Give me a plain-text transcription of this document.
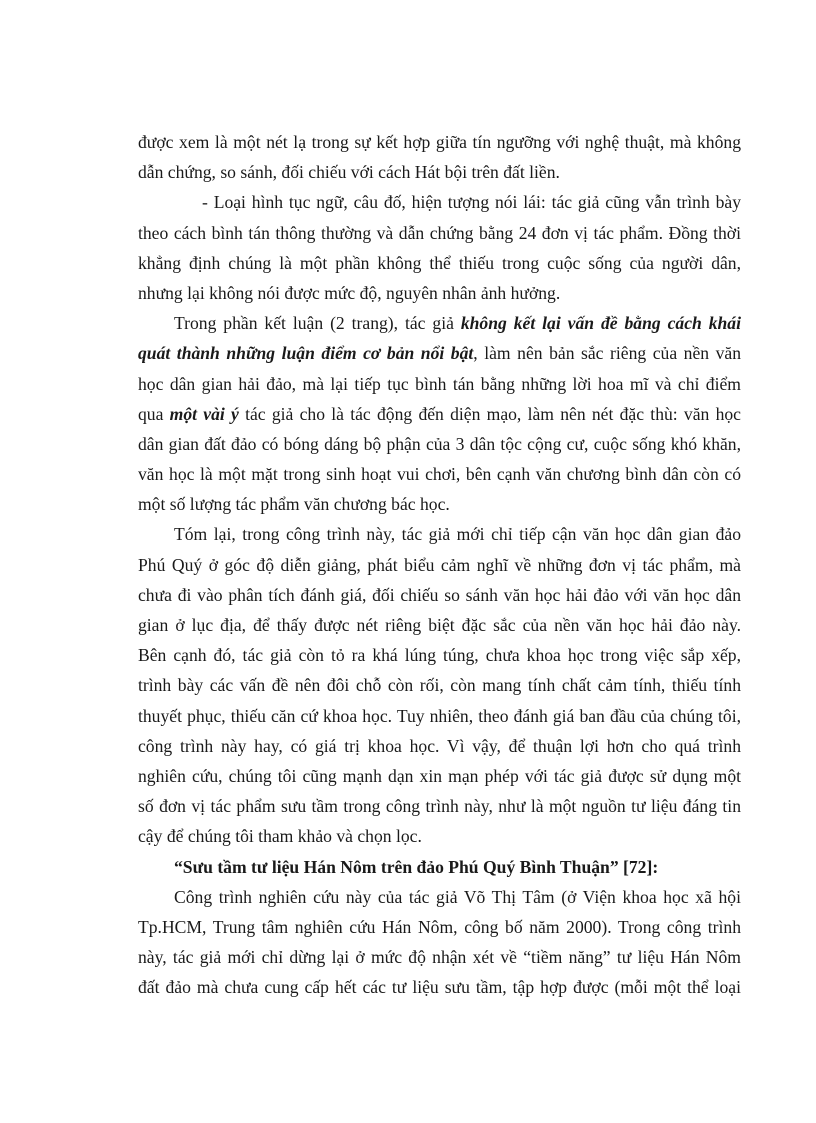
được xem là một nét lạ trong sự kết hợp giữa tín ngưỡng với nghệ thuật, mà không
dẫn chứng, so sánh, đối chiếu với cách Hát bội trên đất liền.
- Loại hình tục ngữ, câu đố, hiện tượng nói lái: tác giả cũng vẫn trình bày
theo cách bình tán thông thường và dẫn chứng bằng 24 đơn vị tác phẩm. Đồng thời
khẳng định chúng là một phần không thể thiếu trong cuộc sống của người dân,
nhưng lại không nói được mức độ, nguyên nhân ảnh hưởng.
Trong phần kết luận (2 trang), tác giả không kết lại vấn đề bằng cách khái
quát thành những luận điểm cơ bản nổi bật, làm nên bản sắc riêng của nền văn
học dân gian hải đảo, mà lại tiếp tục bình tán bằng những lời hoa mĩ và chỉ điểm
qua một vài ý tác giả cho là tác động đến diện mạo, làm nên nét đặc thù: văn học
dân gian đất đảo có bóng dáng bộ phận của 3 dân tộc cộng cư, cuộc sống khó khăn,
văn học là một mặt trong sinh hoạt vui chơi, bên cạnh văn chương bình dân còn có
một số lượng tác phẩm văn chương bác học.
Tóm lại, trong công trình này, tác giả mới chỉ tiếp cận văn học dân gian đảo
Phú Quý ở góc độ diễn giảng, phát biểu cảm nghĩ về những đơn vị tác phẩm, mà
chưa đi vào phân tích đánh giá, đối chiếu so sánh văn học hải đảo với văn học dân
gian ở lục địa, để thấy được nét riêng biệt đặc sắc của nền văn học hải đảo này.
Bên cạnh đó, tác giả còn tỏ ra khá lúng túng, chưa khoa học trong việc sắp xếp,
trình bày các vấn đề nên đôi chỗ còn rối, còn mang tính chất cảm tính, thiếu tính
thuyết phục, thiếu căn cứ khoa học. Tuy nhiên, theo đánh giá ban đầu của chúng tôi,
công trình này hay, có giá trị khoa học. Vì vậy, để thuận lợi hơn cho quá trình
nghiên cứu, chúng tôi cũng mạnh dạn xin mạn phép với tác giả được sử dụng một
số đơn vị tác phẩm sưu tầm trong công trình này, như là một nguồn tư liệu đáng tin
cậy để chúng tôi tham khảo và chọn lọc.
“Sưu tầm tư liệu Hán Nôm trên đảo Phú Quý Bình Thuận” [72]:
Công trình nghiên cứu này của tác giả Võ Thị Tâm (ở Viện khoa học xã hội
Tp.HCM, Trung tâm nghiên cứu Hán Nôm, công bố năm 2000). Trong công trình
này, tác giả mới chỉ dừng lại ở mức độ nhận xét về “tiềm năng” tư liệu Hán Nôm
đất đảo mà chưa cung cấp hết các tư liệu sưu tầm, tập hợp được (mỗi một thể loại
